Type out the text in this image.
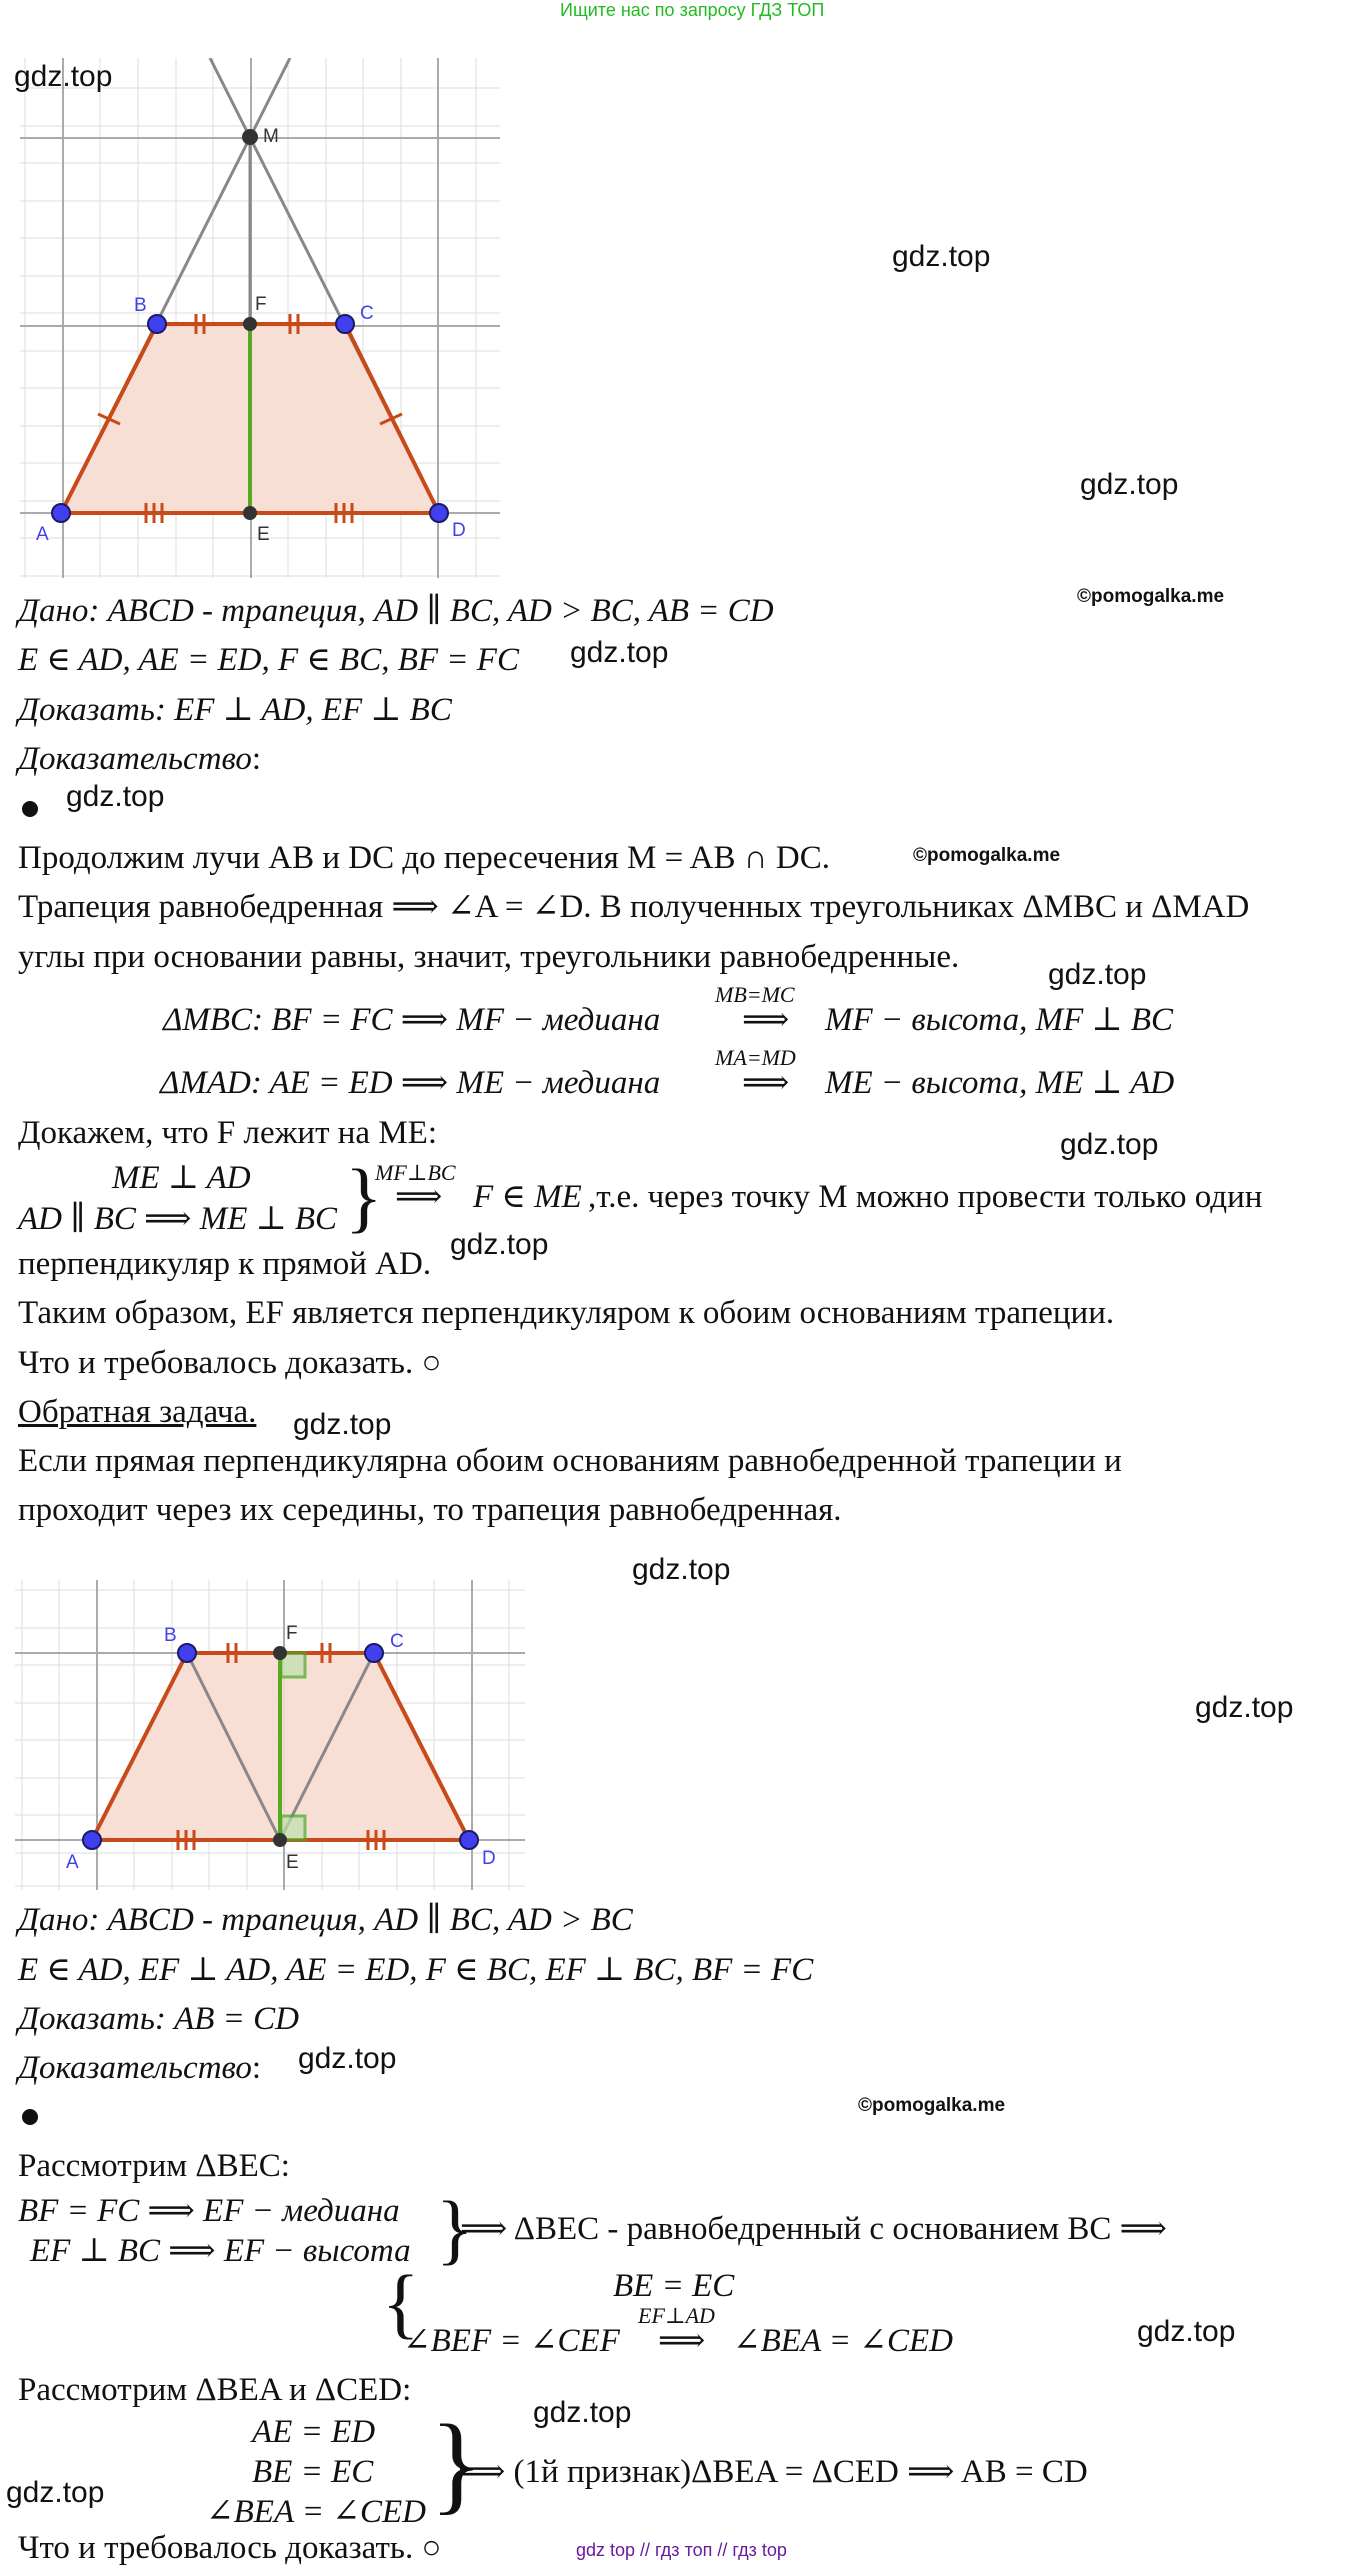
Ищите нас по запросу ГДЗ ТОП
A
B	C
D
E
F
M
gdz.top
gdz.top
gdz.top
©pomogalka.me
Дано: ABCD - трапеция, AD ∥ BC, AD > BC, AB = CD
E ∈ AD, AE = ED, F ∈ BC, BF = FC gdz.top
Доказать: EF ⊥ AD, EF ⊥ BC
Доказательство:
gdz.top
Продолжим лучи AB и DC до пересечения M = AB ∩ DC.	©pomogalka.me
Трапеция равнобедренная ⟹ ∠A = ∠D. В полученных треугольниках ΔMBC и ΔMAD
углы при основании равны, значит, треугольники равнобедренные.	gdz.top
ΔMBC: BF = FC ⟹ MF − медиана
MB=MC
⟹ MF − высота, MF ⊥ BC
ΔMAD: AE = ED ⟹ ME − медиана
MA=MD
⟹ ME − высота, ME ⊥ AD
Докажем, что F лежит на ME:	gdz.top
ME ⊥ AD
AD ∥ BC ⟹ ME ⊥ BC }
MF⊥BC
⟹ F ∈ ME ,т.е. через точку М можно провести только один
перпендикуляр к прямой AD.
gdz.top
Таким образом, EF является перпендикуляром к обоим основаниям трапеции.
Что и требовалось доказать. ○
Обратная задача. gdz.top
Если прямая перпендикулярна обоим основаниям равнобедренной трапеции и
проходит через их середины, то трапеция равнобедренная.
gdz.top
gdz.top
A
B	C
D
E
F
Дано: ABCD - трапеция, AD ∥ BC, AD > BC
E ∈ AD, EF ⊥ AD, AE = ED, F ∈ BC, EF ⊥ BC, BF = FC
Доказать: AB = CD
Доказательство: gdz.top
©pomogalka.me
Рассмотрим ΔBEC:
BF = FC ⟹ EF − медиана
EF ⊥ BC ⟹ EF − высота }
⟹ ΔBEC - равнобедренный с основанием BC ⟹
{	BE = EC
∠BEF = ∠CEF
EF⊥AD
⟹ ∠BEA = ∠CED	gdz.top
Рассмотрим ΔBEA и ΔCED:
gdz.top
AE = ED
BE = EC
∠BEA = ∠CED }
⟹ (1й признак)ΔBEA = ΔCED ⟹ AB = CD
gdz.top
Что и требовалось доказать. ○	gdz top // гдз топ // гдз top
